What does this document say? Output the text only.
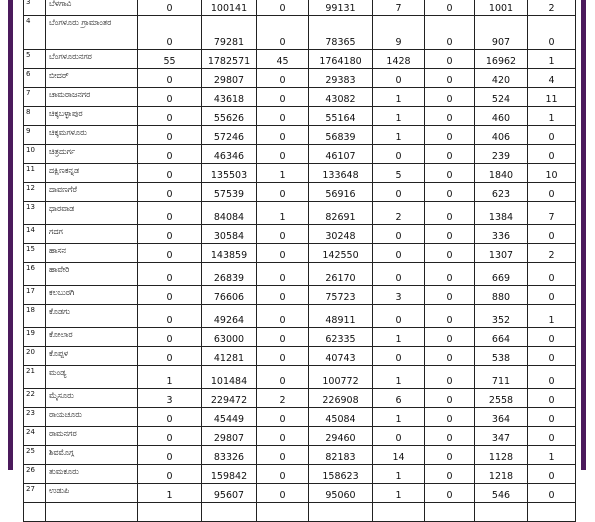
3	ಬೆಳಗಾವಿ	0	100141	0	99131	7	0	1001	2
4	ಬೆಂಗಳೂರು ಗ್ರಾಮಾಂತರ	0	79281	0	78365	9	0	907	0
5	ಬೆಂಗಳೂರುನಗರ	55	1782571	45	1764180	1428	0	16962	1
6	ಬೀದರ್	0	29807	0	29383	0	0	420	4
7	ಚಾಮರಾಜನಗರ	0	43618	0	43082	1	0	524	11
8	ಚಿಕ್ಕಬಳ್ಳಾಪುರ	0	55626	0	55164	1	0	460	1
9	ಚಿಕ್ಕಮಗಳೂರು	0	57246	0	56839	1	0	406	0
10	ಚಿತ್ರದುರ್ಗ	0	46346	0	46107	0	0	239	0
11	ದಕ್ಷಿಣಕನ್ನಡ	0	135503	1	133648	5	0	1840	10
12	ದಾವಣಗೆರೆ	0	57539	0	56916	0	0	623	0
13	ಧಾರವಾಡ	0	84084	1	82691	2	0	1384	7
14	ಗದಗ	0	30584	0	30248	0	0	336	0
15	ಹಾಸನ	0	143859	0	142550	0	0	1307	2
16	ಹಾವೇರಿ	0	26839	0	26170	0	0	669	0
17	ಕಲಬುರಗಿ	0	76606	0	75723	3	0	880	0
18	ಕೊಡಗು	0	49264	0	48911	0	0	352	1
19	ಕೋಲಾರ	0	63000	0	62335	1	0	664	0
20	ಕೊಪ್ಪಳ	0	41281	0	40743	0	0	538	0
21	ಮಂಡ್ಯ	1	101484	0	100772	1	0	711	0
22	ಮೈಸೂರು	3	229472	2	226908	6	0	2558	0
23	ರಾಯಚೂರು	0	45449	0	45084	1	0	364	0
24	ರಾಮನಗರ	0	29807	0	29460	0	0	347	0
25	ಶಿವಮೊಗ್ಗ	0	83326	0	82183	14	0	1128	1
26	ತುಮಕೂರು	0	159842	0	158623	1	0	1218	0
27	ಉಡುಪಿ	1	95607	0	95060	1	0	546	0
